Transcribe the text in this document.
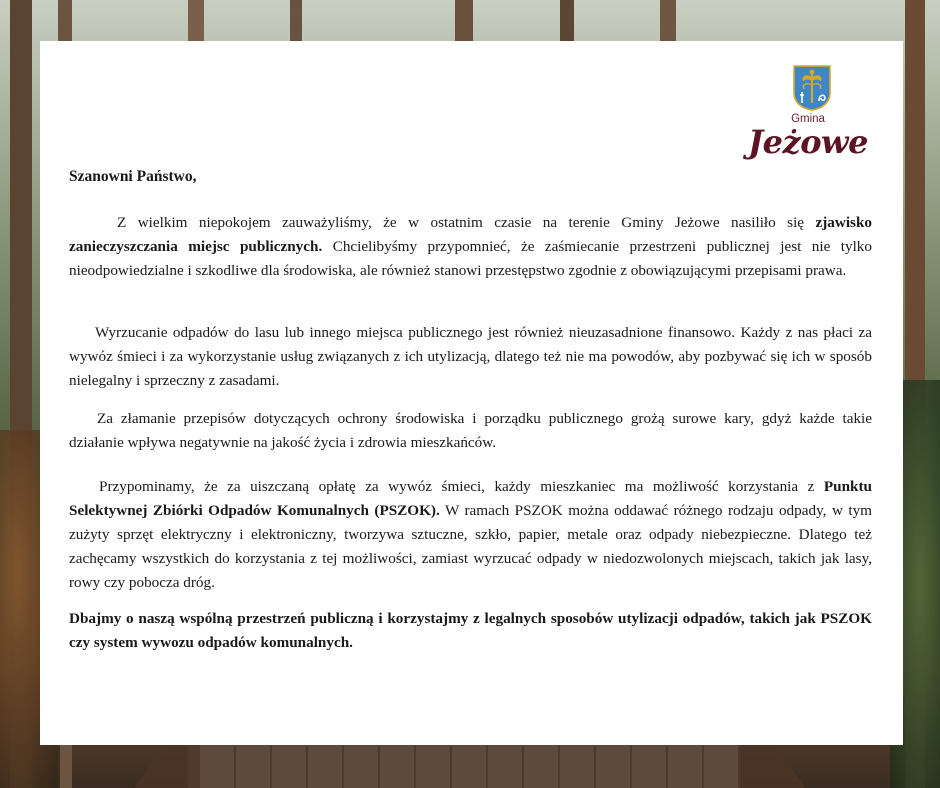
Gmina
Jeżowe
Szanowni Państwo,

Z wielkim niepokojem zauważyliśmy, że w ostatnim czasie na terenie Gminy Jeżowe nasiliło się zjawisko zanieczyszczania miejsc publicznych. Chcielibyśmy przypomnieć, że zaśmiecanie przestrzeni publicznej jest nie tylko nieodpowiedzialne i szkodliwe dla środowiska, ale również stanowi przestępstwo zgodnie z obowiązującymi przepisami prawa.

Wyrzucanie odpadów do lasu lub innego miejsca publicznego jest również nieuzasadnione finansowo. Każdy z nas płaci za wywóz śmieci i za wykorzystanie usług związanych z ich utylizacją, dlatego też nie ma powodów, aby pozbywać się ich w sposób nielegalny i sprzeczny z zasadami.

Za złamanie przepisów dotyczących ochrony środowiska i porządku publicznego grożą surowe kary, gdyż każde takie działanie wpływa negatywnie na jakość życia i zdrowia mieszkańców.

Przypominamy, że za uiszczaną opłatę za wywóz śmieci, każdy mieszkaniec ma możliwość korzystania z Punktu Selektywnej Zbiórki Odpadów Komunalnych (PSZOK). W ramach PSZOK można oddawać różnego rodzaju odpady, w tym zużyty sprzęt elektryczny i elektroniczny, tworzywa sztuczne, szkło, papier, metale oraz odpady niebezpieczne. Dlatego też zachęcamy wszystkich do korzystania z tej możliwości, zamiast wyrzucać odpady w niedozwolonych miejscach, takich jak lasy, rowy czy pobocza dróg.

Dbajmy o naszą wspólną przestrzeń publiczną i korzystajmy z legalnych sposobów utylizacji odpadów, takich jak PSZOK czy system wywozu odpadów komunalnych.
